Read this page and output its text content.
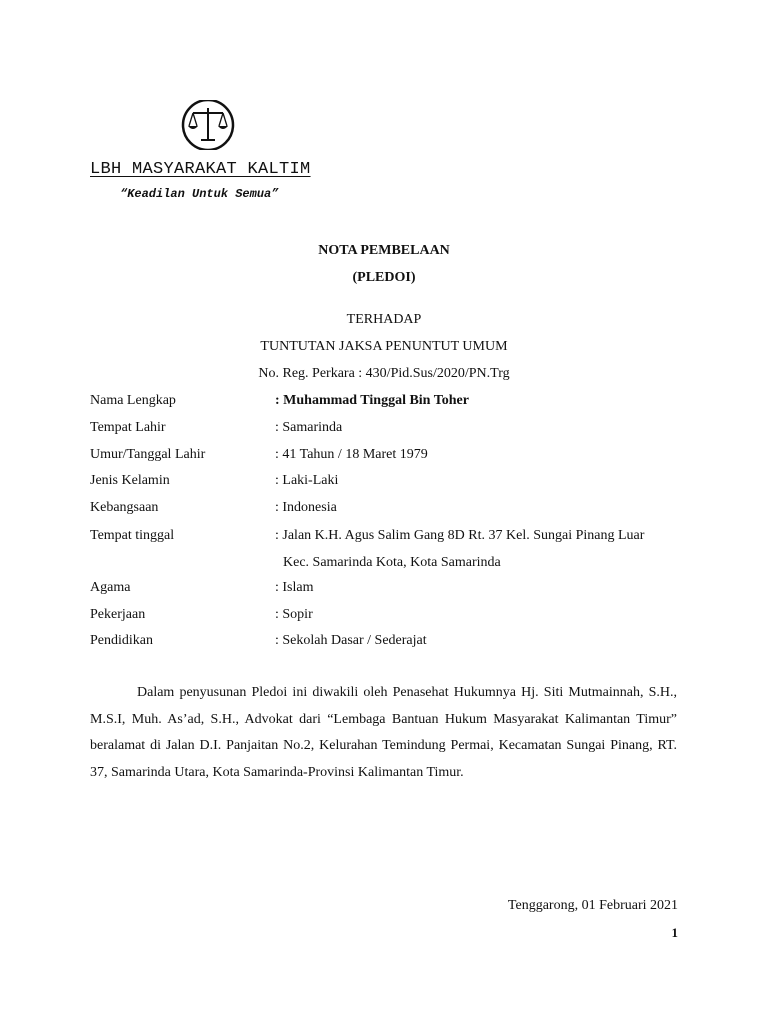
LBH MASYARAKAT KALTIM
“Keadilan Untuk Semua”
NOTA PEMBELAAN
(PLEDOI)
TERHADAP
TUNTUTAN JAKSA PENUNTUT UMUM
No. Reg. Perkara : 430/Pid.Sus/2020/PN.Trg
Nama Lengkap	: Muhammad Tinggal Bin Toher
Tempat Lahir	: Samarinda
Umur/Tanggal Lahir	: 41 Tahun / 18 Maret 1979
Jenis Kelamin	: Laki-Laki
Kebangsaan	: Indonesia
Tempat tinggal	: Jalan K.H. Agus Salim Gang 8D Rt. 37 Kel. Sungai Pinang Luar
Kec. Samarinda Kota, Kota Samarinda
Agama	: Islam
Pekerjaan	: Sopir
Pendidikan	: Sekolah Dasar / Sederajat
Dalam penyusunan Pledoi ini diwakili oleh Penasehat Hukumnya Hj. Siti Mutmainnah, S.H., M.S.I, Muh. As’ad, S.H., Advokat dari “Lembaga Bantuan Hukum Masyarakat Kalimantan Timur” beralamat di Jalan D.I. Panjaitan No.2, Kelurahan Temindung Permai, Kecamatan Sungai Pinang, RT. 37, Samarinda Utara, Kota Samarinda-Provinsi Kalimantan Timur.
Tenggarong, 01 Februari 2021
1
